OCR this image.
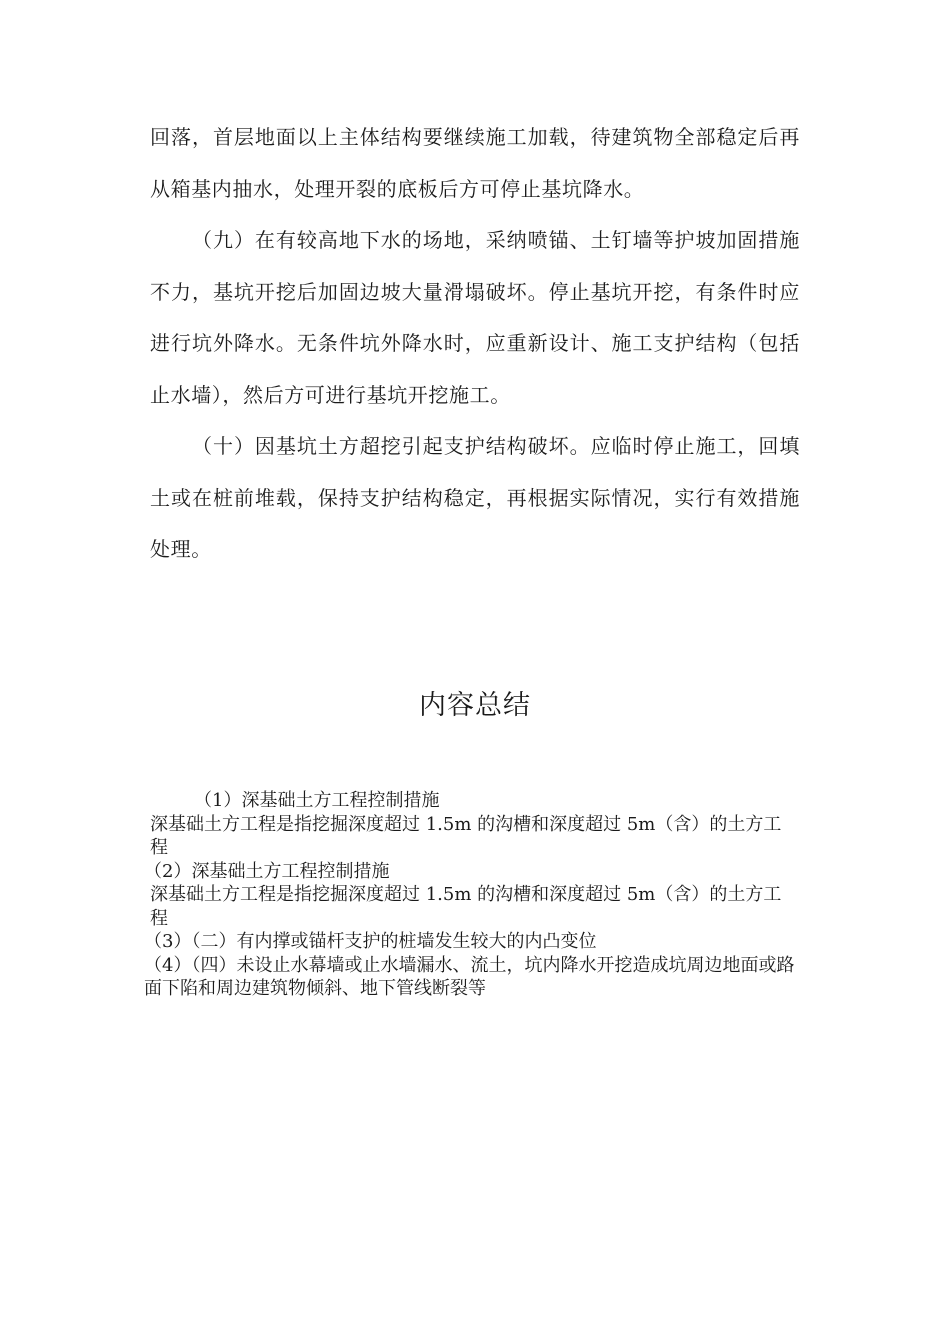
回落，首层地面以上主体结构要继续施工加载，待建筑物全部稳定后再从箱基内抽水，处理开裂的底板后方可停止基坑降水。

（九）在有较高地下水的场地，采纳喷锚、土钉墙等护坡加固措施不力，基坑开挖后加固边坡大量滑塌破坏。停止基坑开挖，有条件时应进行坑外降水。无条件坑外降水时，应重新设计、施工支护结构（包括止水墙），然后方可进行基坑开挖施工。

（十）因基坑土方超挖引起支护结构破坏。应临时停止施工，回填土或在桩前堆载，保持支护结构稳定，再根据实际情况，实行有效措施处理。

内容总结

（1）深基础土方工程控制措施

深基础土方工程是指挖掘深度超过 1.5m 的沟槽和深度超过 5m（含）的土方工程

（2）深基础土方工程控制措施

深基础土方工程是指挖掘深度超过 1.5m 的沟槽和深度超过 5m（含）的土方工程

（3）（二）有内撑或锚杆支护的桩墙发生较大的内凸变位

（4）（四）未设止水幕墙或止水墙漏水、流土，坑内降水开挖造成坑周边地面或路面下陷和周边建筑物倾斜、地下管线断裂等
